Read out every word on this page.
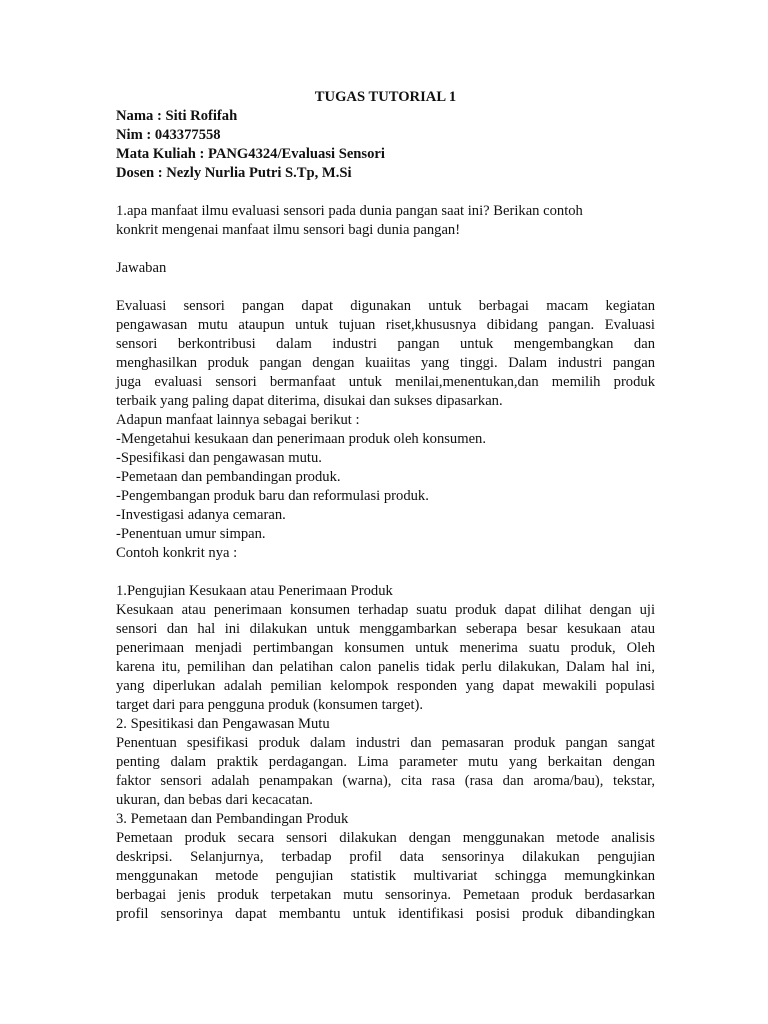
TUGAS TUTORIAL 1
Nama : Siti Rofifah
Nim : 043377558
Mata Kuliah : PANG4324/Evaluasi Sensori
Dosen : Nezly Nurlia Putri S.Tp, M.Si
1.apa manfaat ilmu evaluasi sensori pada dunia pangan saat ini? Berikan contoh
konkrit mengenai manfaat ilmu sensori bagi dunia pangan!
Jawaban
Evaluasi sensori pangan dapat digunakan untuk berbagai macam kegiatan
pengawasan mutu ataupun untuk tujuan riset,khususnya dibidang pangan. Evaluasi
sensori berkontribusi dalam industri pangan untuk mengembangkan dan
menghasilkan produk pangan dengan kuaiitas yang tinggi. Dalam industri pangan
juga evaluasi sensori bermanfaat untuk menilai,menentukan,dan memilih produk
terbaik yang paling dapat diterima, disukai dan sukses dipasarkan.
Adapun manfaat lainnya sebagai berikut :
-Mengetahui kesukaan dan penerimaan produk oleh konsumen.
-Spesifikasi dan pengawasan mutu.
-Pemetaan dan pembandingan produk.
-Pengembangan produk baru dan reformulasi produk.
-Investigasi adanya cemaran.
-Penentuan umur simpan.
Contoh konkrit nya :
1.Pengujian Kesukaan atau Penerimaan Produk
Kesukaan atau penerimaan konsumen terhadap suatu produk dapat dilihat dengan uji
sensori dan hal ini dilakukan untuk menggambarkan seberapa besar kesukaan atau
penerimaan menjadi pertimbangan konsumen untuk menerima suatu produk, Oleh
karena itu, pemilihan dan pelatihan calon panelis tidak perlu dilakukan, Dalam hal ini,
yang diperlukan adalah pemilian kelompok responden yang dapat mewakili populasi
target dari para pengguna produk (konsumen target).
2. Spesitikasi dan Pengawasan Mutu
Penentuan spesifikasi produk dalam industri dan pemasaran produk pangan sangat
penting dalam praktik perdagangan. Lima parameter mutu yang berkaitan dengan
faktor sensori adalah penampakan (warna), cita rasa (rasa dan aroma/bau), tekstar,
ukuran, dan bebas dari kecacatan.
3. Pemetaan dan Pembandingan Produk
Pemetaan produk secara sensori dilakukan dengan menggunakan metode analisis
deskripsi. Selanjurnya, terbadap profil data sensorinya dilakukan pengujian
menggunakan metode pengujian statistik multivariat schingga memungkinkan
berbagai jenis produk terpetakan mutu sensorinya. Pemetaan produk berdasarkan
profil sensorinya dapat membantu untuk identifikasi posisi produk dibandingkan
